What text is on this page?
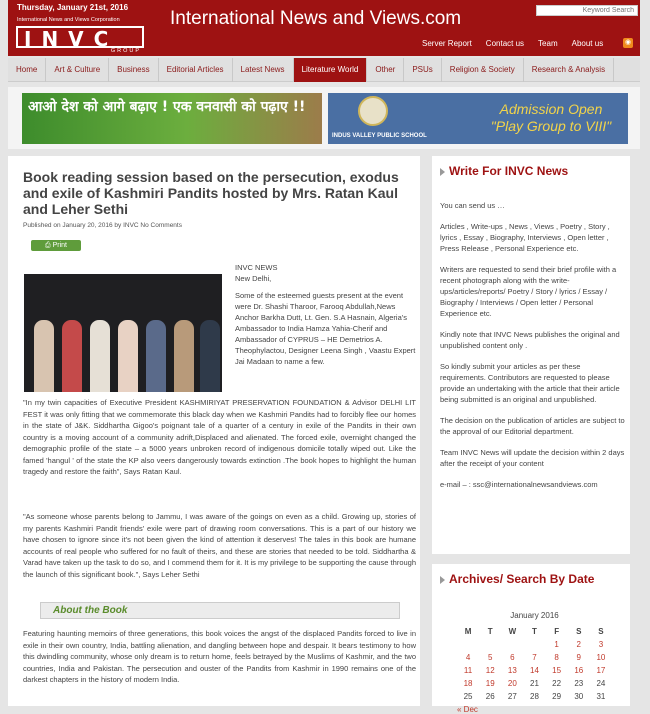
Thursday, January 21st, 2016
International News and Views Corporation
INVC
GROUP
International News and Views.com
Keyword Search
Server Report Contact us Team About us	◉
Home	Art & Culture	Business	Editorial Articles	Latest News	Literature World	Other	PSUs	Religion & Society	Research & Analysis
आओ देश को आगे बढ़ाए ! एक वनवासी को पढ़ाए !!
INDUS VALLEY PUBLIC SCHOOL
Admission Open
"Play Group to VIII"
Book reading session based on the persecution, exodus and exile of Kashmiri Pandits hosted by Mrs. Ratan Kaul and Leher Sethi
Published on January 20, 2016 by INVC No Comments
⎙ Print

INVC NEWS
New Delhi,

Some of the esteemed guests present at the event were Dr. Shashi Tharoor, Farooq Abdullah,News Anchor Barkha Dutt, Lt. Gen. S.A Hasnain, Algeria's Ambassador to India Hamza Yahia-Cherif and Ambassador of CYPRUS – HE Demetrios A. Theophylactou, Designer Leena Singh , Vaastu Expert Jai Madaan to name a few.

"In my twin capacities of Executive President KASHMIRIYAT PRESERVATION FOUNDATION & Advisor DELHI LIT FEST it was only fitting that we commemorate this black day when we Kashmiri Pandits had to forcibly flee our homes in the state of J&K. Siddhartha Gigoo's poignant tale of a quarter of a century in exile of the Pandits in their own country is a moving account of a community adrift,Displaced and alienated. The forced exile, overnight changed the demographic profile of the state – a 5000 years unbroken record of indigenous domicile totally wiped out. Like the famed 'hangul ' of the state the KP also veers dangerously towards extinction .The book hopes to highlight the human tragedy and restore the faith", Says Ratan Kaul.
"As someone whose parents belong to Jammu, I was aware of the goings on even as a child. Growing up, stories of my parents Kashmiri Pandit friends' exile were part of drawing room conversations. This is a part of our history we have chosen to ignore since it's not been given the kind of attention it deserves! The tales in this book are humane accounts of real people who suffered for no fault of theirs, and these are stories that needed to be told. Siddhartha & Varad have taken up the task to do so, and I commend them for it. It is my privilege to be supporting the cause through the launch of this significant book.", Says Leher Sethi
About the Book
Featuring haunting memoirs of three generations, this book voices the angst of the displaced Pandits forced to live in exile in their own country, India, battling alienation, and dangling between hope and despair. It bears testimony to how this dwindling community, whose only dream is to return home, feels betrayed by the Muslims of Kashmir, and the two countries, India and Pakistan. The persecution and ouster of the Pandits from Kashmir in 1990 remains one of the darkest chapters in the history of modern India.
Write For INVC News

You can send us …

Articles , Write-ups , News , Views , Poetry , Story , lyrics , Essay , Biography, Interviews , Open letter , Press Release , Personal Experience etc.

Writers are requested to send their brief profile with a recent photograph along with the write-ups/articles/reports/ Poetry / Story / lyrics / Essay / Biography / Interviews / Open letter / Personal Experience etc.

Kindly note that INVC News publishes the original and unpublished content only .

So kindly submit your articles as per these requirements. Contributors are requested to please provide an undertaking with the article that their article being submitted is an original and unpublished.

The decision on the publication of articles are subject to the approval of our Editorial department.

Team INVC News will update the decision within 2 days after the receipt of your content

e-mail – : ssc@internationalnewsandviews.com

Archives/ Search By Date
January 2016
M	T	W	T	F	S	S
				1	2	3
4	5	6	7	8	9	10
11	12	13	14	15	16	17
18	19	20	21	22	23	24
25	26	27	28	29	30	31
« Dec
